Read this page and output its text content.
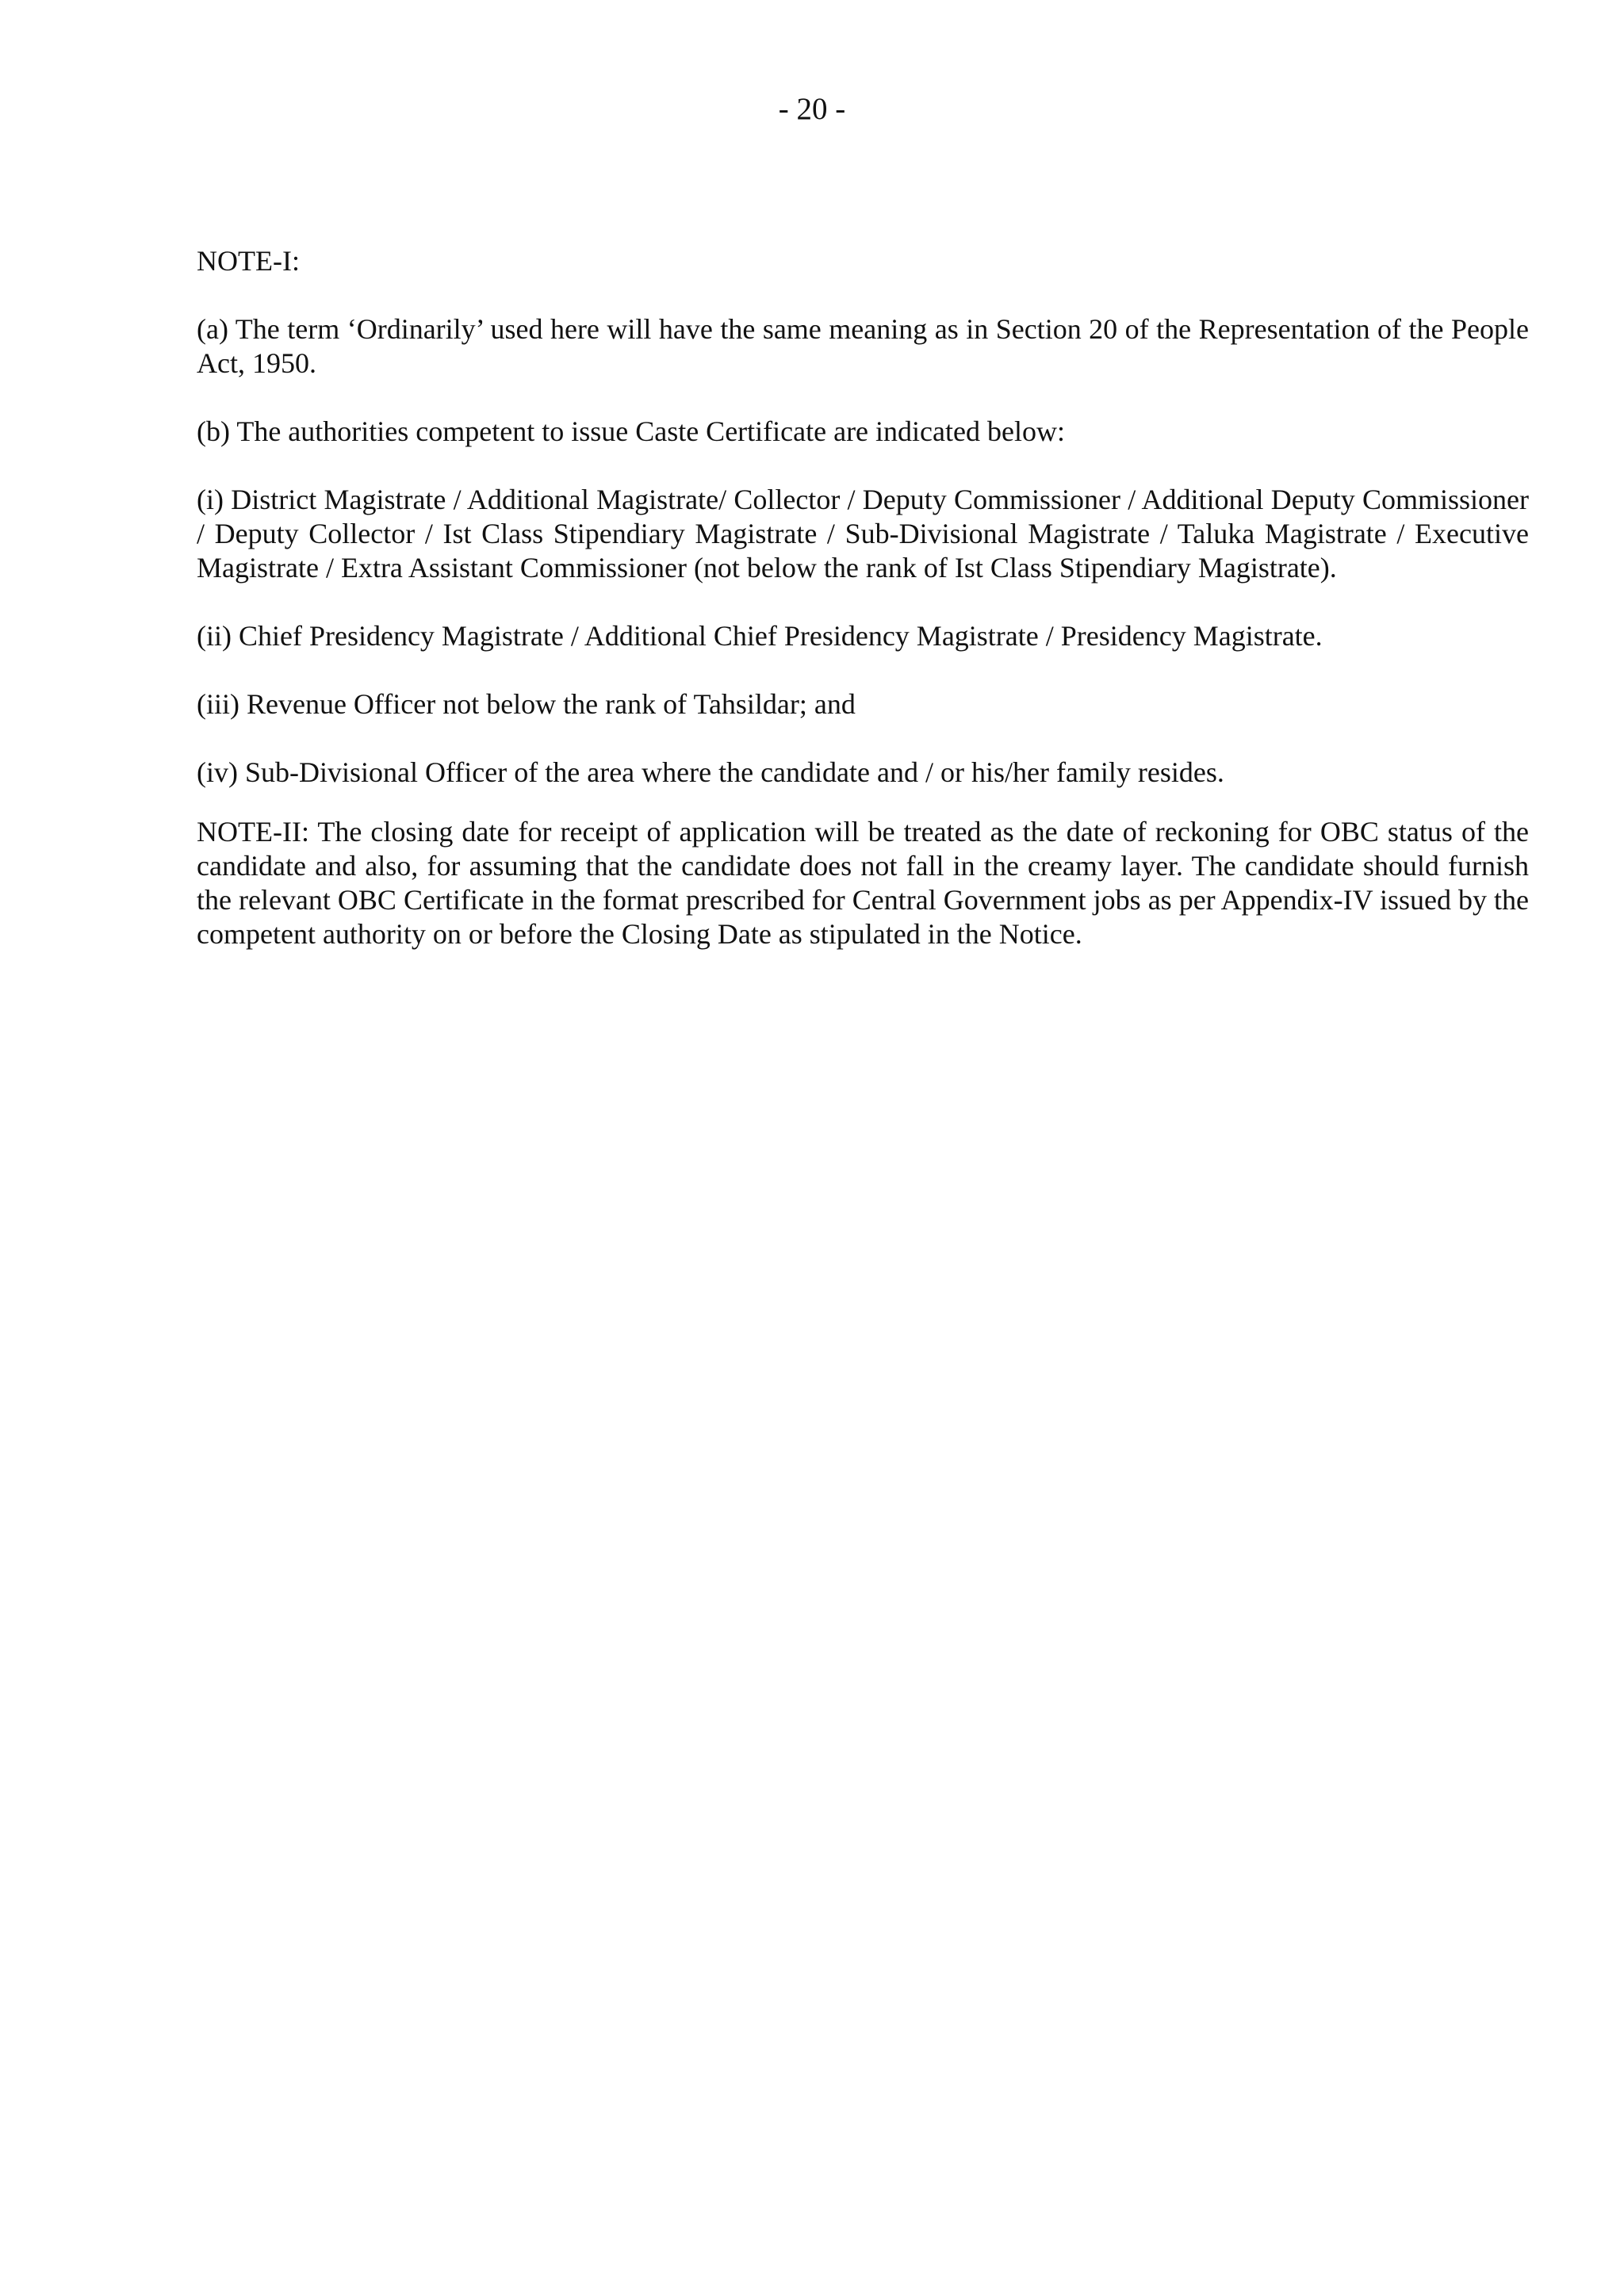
- 20 -

NOTE-I:

(a) The term ‘Ordinarily’ used here will have the same meaning as in Section 20 of the Representation of the People Act, 1950.

(b) The authorities competent to issue Caste Certificate are indicated below:

(i) District Magistrate / Additional Magistrate/ Collector / Deputy Commissioner / Additional Deputy Commissioner / Deputy Collector / Ist Class Stipendiary Magistrate / Sub-Divisional Magistrate / Taluka Magistrate / Executive Magistrate / Extra Assistant Commissioner (not below the rank of Ist Class Stipendiary Magistrate).

(ii) Chief Presidency Magistrate / Additional Chief Presidency Magistrate / Presidency Magistrate.

(iii) Revenue Officer not below the rank of Tahsildar; and

(iv) Sub-Divisional Officer of the area where the candidate and / or his/her family resides.

NOTE-II: The closing date for receipt of application will be treated as the date of reckoning for OBC status of the candidate and also, for assuming that the candidate does not fall in the creamy layer. The candidate should furnish the relevant OBC Certificate in the format prescribed for Central Government jobs as per Appendix-IV issued by the competent authority on or before the Closing Date as stipulated in the Notice.
